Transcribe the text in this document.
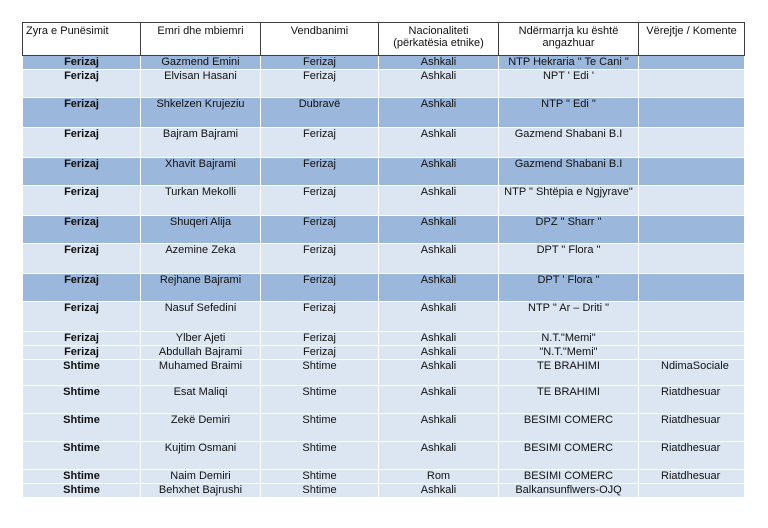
Zyra e Punësimit	Emri dhe mbiemri	Vendbanimi	Nacionaliteti (përkatësia etnike)	Ndërmarrja ku është angazhuar	Vërejtje / Komente
Ferizaj	Gazmend Emini	Ferizaj	Ashkali	NTP Hekraria " Te Cani "	
Ferizaj	Elvisan Hasani	Ferizaj	Ashkali	NPT ' Edi '	
Ferizaj	Shkelzen Krujeziu	Dubravë	Ashkali	NTP " Edi "	
Ferizaj	Bajram Bajrami	Ferizaj	Ashkali	Gazmend Shabani B.I	
Ferizaj	Xhavit Bajrami	Ferizaj	Ashkali	Gazmend Shabani B.I	
Ferizaj	Turkan Mekolli	Ferizaj	Ashkali	NTP " Shtëpia e Ngjyrave"	
Ferizaj	Shuqeri Alija	Ferizaj	Ashkali	DPZ " Sharr "	
Ferizaj	Azemine Zeka	Ferizaj	Ashkali	DPT " Flora "	
Ferizaj	Rejhane Bajrami	Ferizaj	Ashkali	DPT ' Flora "	
Ferizaj	Nasuf Sefedini	Ferizaj	Ashkali	NTP " Ar – Driti "	
Ferizaj	Ylber Ajeti	Ferizaj	Ashkali	N.T."Memi"	
Ferizaj	Abdullah Bajrami	Ferizaj	Ashkali	"N.T."Memi"	
Shtime	Muhamed Braimi	Shtime	Ashkali	TE BRAHIMI	NdimaSociale
Shtime	Esat Maliqi	Shtime	Ashkali	TE BRAHIMI	Riatdhesuar
Shtime	Zekë Demiri	Shtime	Ashkali	BESIMI COMERC	Riatdhesuar
Shtime	Kujtim Osmani	Shtime	Ashkali	BESIMI COMERC	Riatdhesuar
Shtime	Naim Demiri	Shtime	Rom	BESIMI COMERC	Riatdhesuar
Shtime	Behxhet Bajrushi	Shtime	Ashkali	Balkansunflwers-OJQ	
